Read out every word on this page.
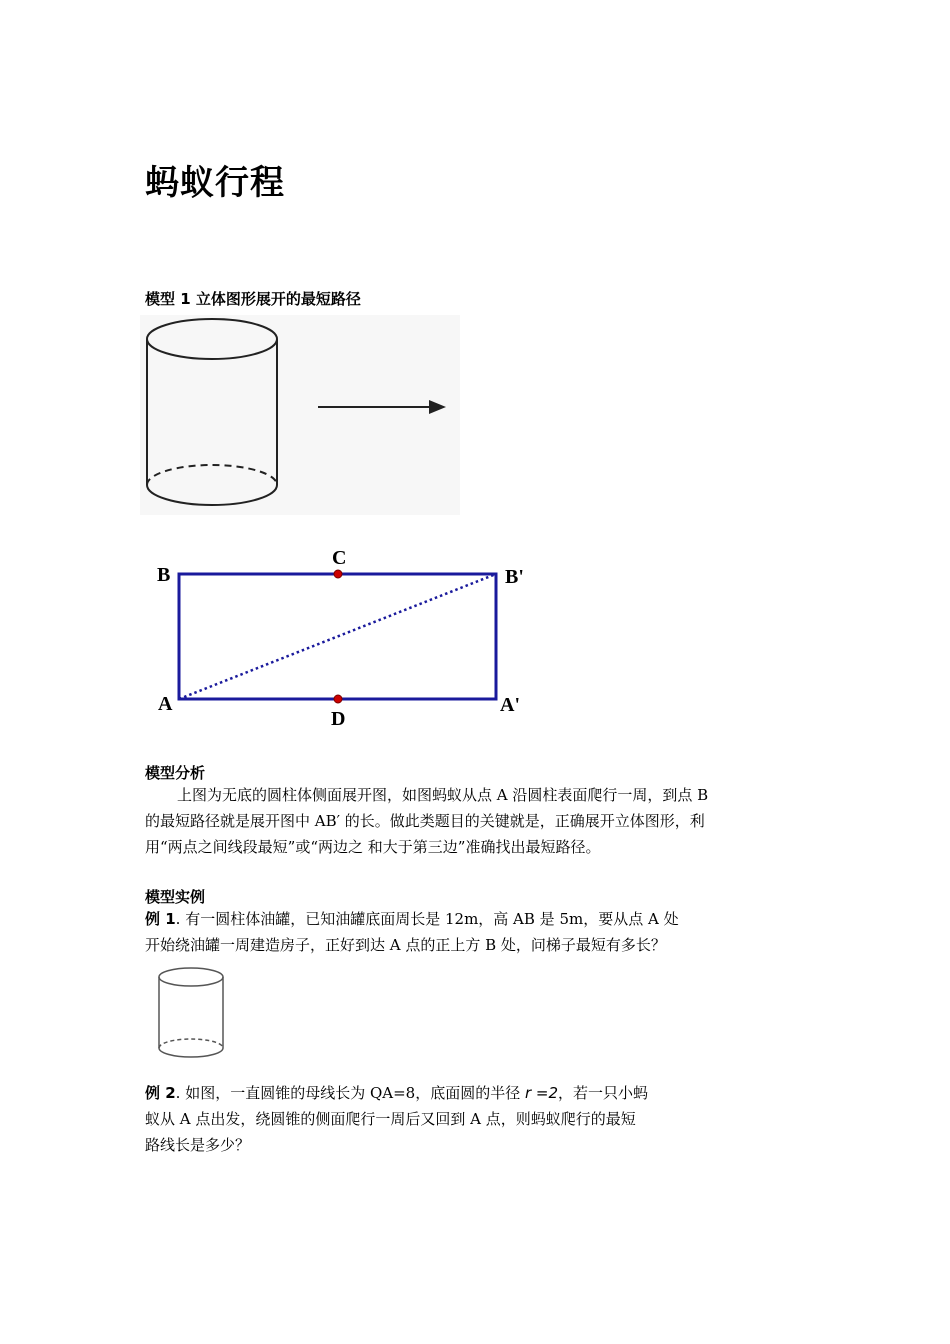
蚂蚁行程
模型 1 立体图形展开的最短路径
B
C
B'
A
D
A'
模型分析
上图为无底的圆柱体侧面展开图，如图蚂蚁从点 A 沿圆柱表面爬行一周，到点 B
的最短路径就是展开图中 AB′ 的长。做此类题目的关键就是，正确展开立体图形，利
用“两点之间线段最短”或“两边之 和大于第三边”准确找出最短路径。
模型实例
例 1. 有一圆柱体油罐，已知油罐底面周长是 12m，高 AB 是 5m，要从点 A 处
开始绕油罐一周建造房子，正好到达 A 点的正上方 B 处，问梯子最短有多长？
例 2. 如图，一直圆锥的母线长为 QA=8，底面圆的半径 r =2，若一只小蚂
蚁从 A 点出发，绕圆锥的侧面爬行一周后又回到 A 点，则蚂蚁爬行的最短
路线长是多少？
